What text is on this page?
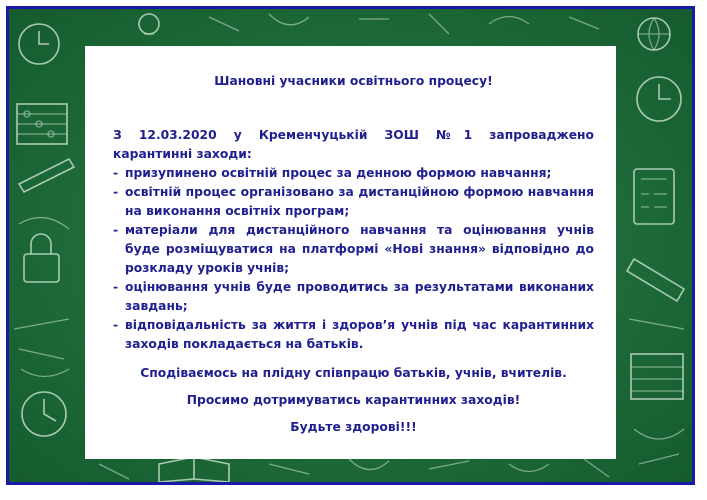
Шановні учасники освітнього процесу!

З 12.03.2020 у Кременчуцькій ЗОШ №1 запроваджено
карантинні заходи:

- призупинено освітній процес за денною формою навчання;
- освітній процес організовано за дистанційною формою навчання на виконання освітніх програм;
- матеріали для дистанційного навчання та оцінювання учнів буде розміщуватися на платформі «Нові знання» відповідно до розкладу уроків учнів;
- оцінювання учнів буде проводитись за результатами виконаних завдань;
- відповідальність за життя і здоров’я учнів під час карантинних заходів покладається на батьків.

Сподіваємось на плідну співпрацю батьків, учнів, вчителів.

Просимо дотримуватись карантинних заходів!

Будьте здорові!!!
